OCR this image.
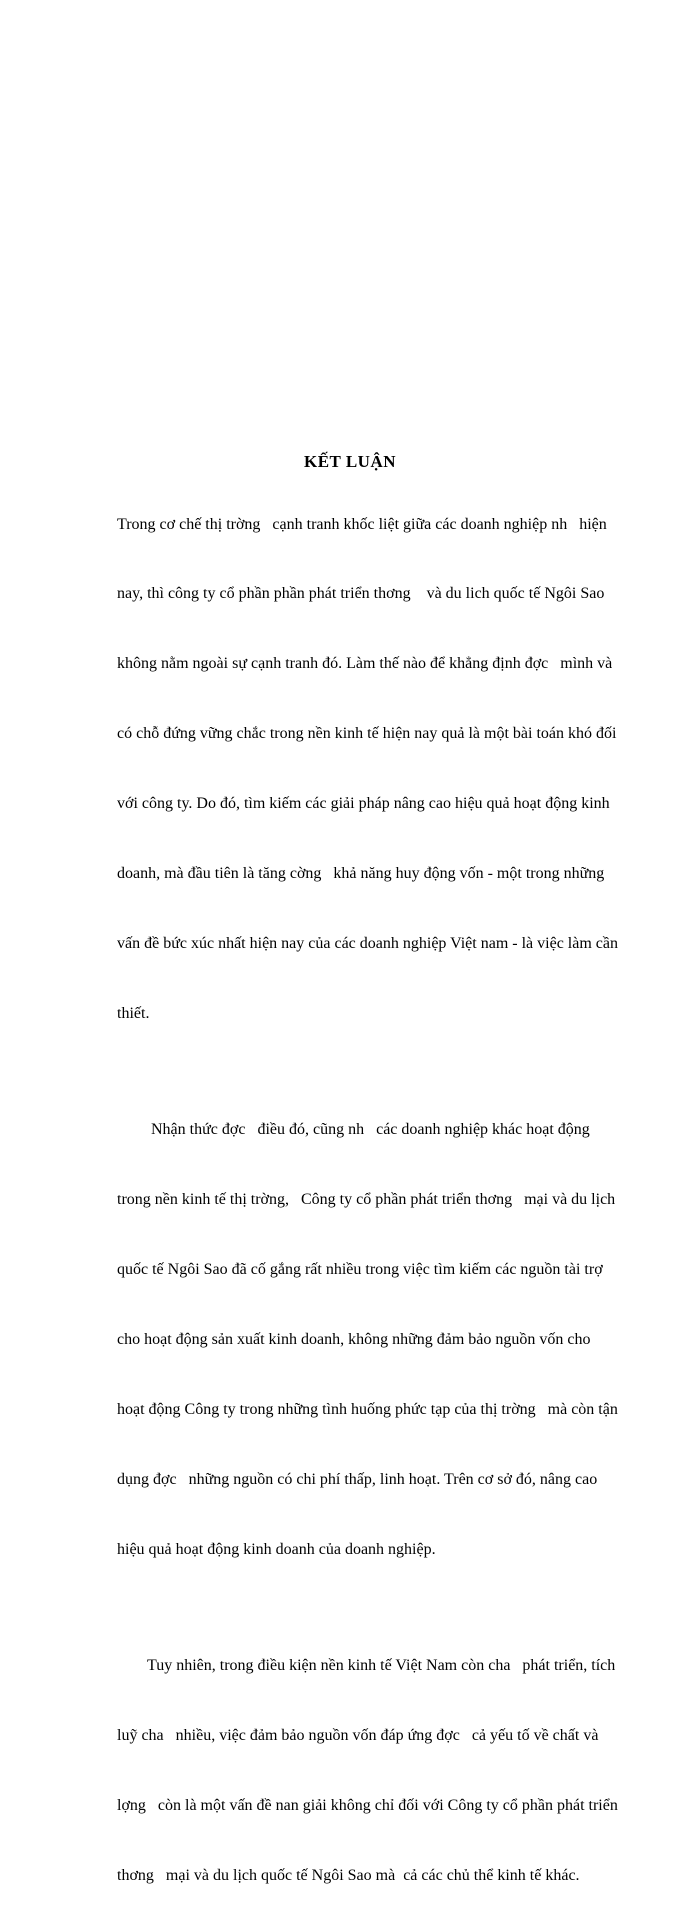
KẾT LUẬN

Trong cơ chế thị trờng   cạnh tranh khốc liệt giữa các doanh nghiệp nh   hiện

nay, thì công ty cổ phần phần phát triển thơng    và du lich quốc tế Ngôi Sao

không nằm ngoài sự cạnh tranh đó. Làm thế nào để khẳng định đợc   mình và

có chỗ đứng vững chắc trong nền kinh tế hiện nay quả là một bài toán khó đối

với công ty. Do đó, tìm kiếm các giải pháp nâng cao hiệu quả hoạt động kinh

doanh, mà đầu tiên là tăng cờng   khả năng huy động vốn - một trong những

vấn đề bức xúc nhất hiện nay của các doanh nghiệp Việt nam - là việc làm cần

thiết.

Nhận thức đợc   điều đó, cũng nh   các doanh nghiệp khác hoạt động

trong nền kinh tế thị trờng,   Công ty cổ phần phát triển thơng   mại và du lịch

quốc tế Ngôi Sao đã cố gắng rất nhiều trong việc tìm kiếm các nguồn tài trợ

cho hoạt động sản xuất kinh doanh, không những đảm bảo nguồn vốn cho

hoạt động Công ty trong những tình huống phức tạp của thị trờng   mà còn tận

dụng đợc   những nguồn có chi phí thấp, linh hoạt. Trên cơ sở đó, nâng cao

hiệu quả hoạt động kinh doanh của doanh nghiệp.

Tuy nhiên, trong điều kiện nền kinh tế Việt Nam còn cha   phát triển, tích

luỹ cha   nhiều, việc đảm bảo nguồn vốn đáp ứng đợc   cả yếu tố về chất và

lợng   còn là một vấn đề nan giải không chỉ đối với Công ty cổ phần phát triển

thơng   mại và du lịch quốc tế Ngôi Sao mà  cả các chủ thể kinh tế khác.
